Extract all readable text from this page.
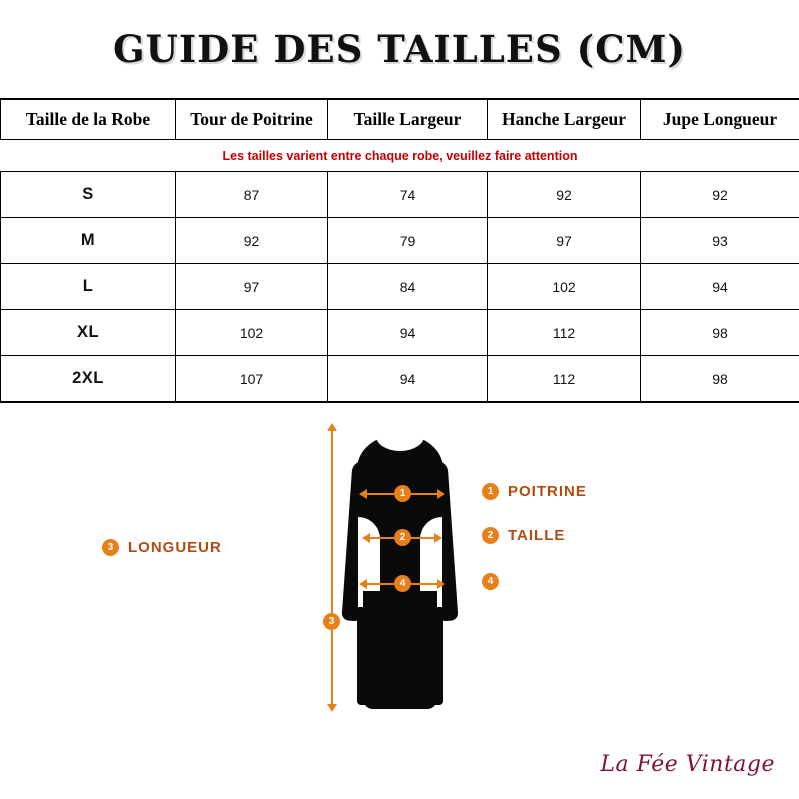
GUIDE DES TAILLES (CM)
Les tailles varient entre chaque robe, veuillez faire attention				
Taille de la Robe	Tour de Poitrine	Taille Largeur	Hanche Largeur	Jupe Longueur
S	87	74	92	92
M	92	79	97	93
L	97	84	102	94
XL	102	94	112	98
2XL	107	94	112	98
3
1
2
4
1 POITRINE
2 TAILLE
4
3 LONGUEUR
La Fée Vintage
